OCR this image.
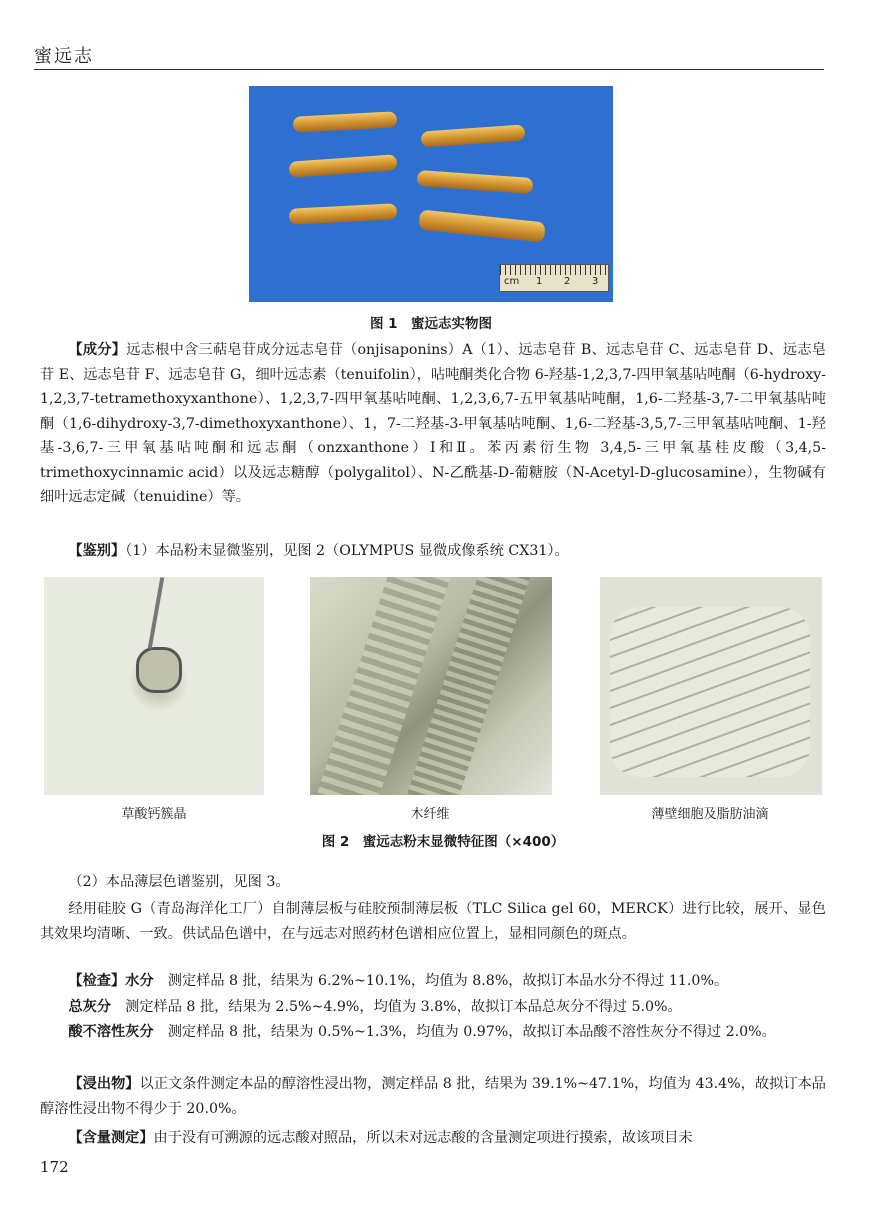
蜜远志
cm 1 2 3
图 1　蜜远志实物图
【成分】远志根中含三萜皂苷成分远志皂苷（onjisaponins）A（1）、远志皂苷 B、远志皂苷 C、远志皂苷 D、远志皂苷 E、远志皂苷 F、远志皂苷 G，细叶远志素（tenuifolin），呫吨酮类化合物 6-羟基-1,2,3,7-四甲氧基呫吨酮（6-hydroxy-1,2,3,7-tetramethoxyxanthone）、1,2,3,7-四甲氧基呫吨酮、1,2,3,6,7-五甲氧基呫吨酮，1,6-二羟基-3,7-二甲氧基呫吨酮（1,6-dihydroxy-3,7-dimethoxyxanthone）、1，7-二羟基-3-甲氧基呫吨酮、1,6-二羟基-3,5,7-三甲氧基呫吨酮、1-羟基-3,6,7-三甲氧基呫吨酮和远志酮（onzxanthone）Ⅰ和Ⅱ。苯丙素衍生物 3,4,5-三甲氧基桂皮酸（3,4,5-trimethoxycinnamic acid）以及远志糖醇（polygalitol）、N-乙酰基-D-葡糖胺（N-Acetyl-D-glucosamine），生物碱有细叶远志定碱（tenuidine）等。
【鉴别】（1）本品粉末显微鉴别，见图 2（OLYMPUS 显微成像系统 CX31）。
草酸钙簇晶	木纤维	薄壁细胞及脂肪油滴
图 2　蜜远志粉末显微特征图（×400）
（2）本品薄层色谱鉴别，见图 3。
经用硅胶 G（青岛海洋化工厂）自制薄层板与硅胶预制薄层板（TLC Silica gel 60，MERCK）进行比较，展开、显色其效果均清晰、一致。供试品色谱中，在与远志对照药材色谱相应位置上，显相同颜色的斑点。
【检查】水分　 测定样品 8 批，结果为 6.2%~10.1%，均值为 8.8%，故拟订本品水分不得过 11.0%。
总灰分　 测定样品 8 批，结果为 2.5%~4.9%，均值为 3.8%，故拟订本品总灰分不得过 5.0%。
酸不溶性灰分　 测定样品 8 批，结果为 0.5%~1.3%，均值为 0.97%，故拟订本品酸不溶性灰分不得过 2.0%。
【浸出物】以正文条件测定本品的醇溶性浸出物，测定样品 8 批，结果为 39.1%~47.1%，均值为 43.4%，故拟订本品醇溶性浸出物不得少于 20.0%。
【含量测定】由于没有可溯源的远志酸对照品，所以未对远志酸的含量测定项进行摸索，故该项目未
172
